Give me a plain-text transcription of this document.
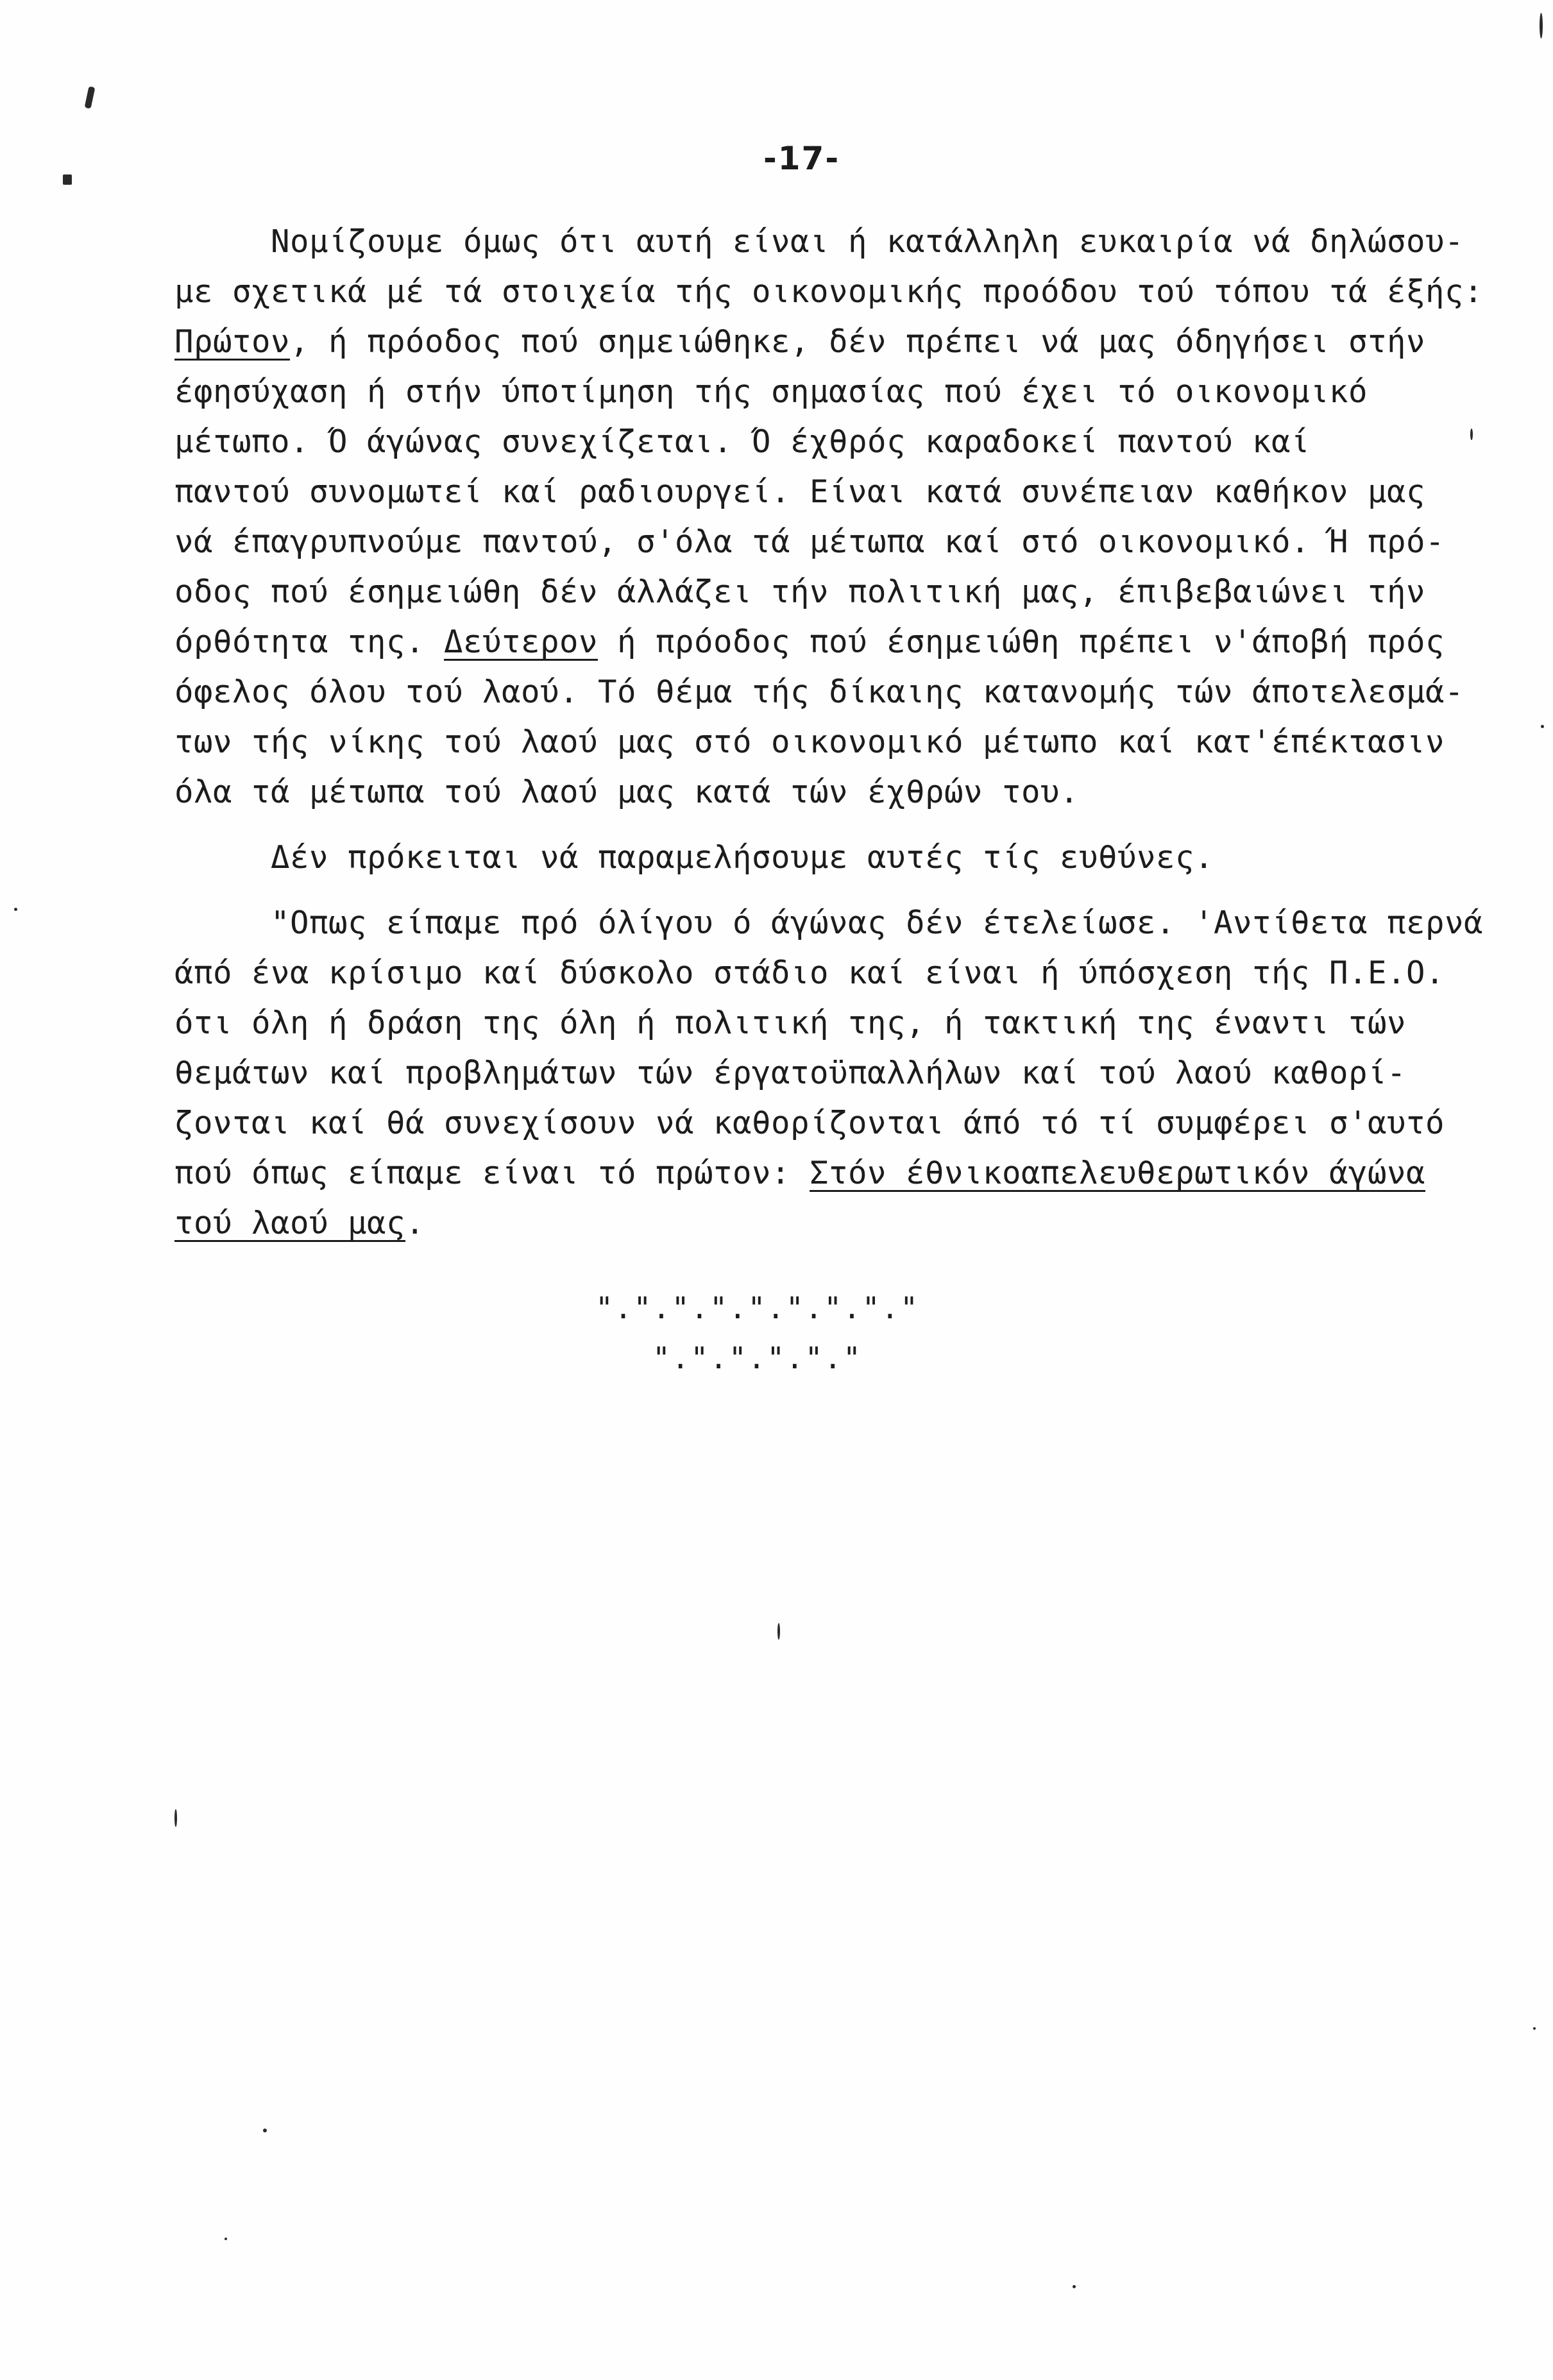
-17-
Νομίζουμε όμως ότι αυτή είναι ή κατάλληλη ευκαιρία νά δηλώσου-
με σχετικά μέ τά στοιχεία τής οικονομικής προόδου τού τόπου τά έξής:
Πρώτον, ή πρόοδος πού σημειώθηκε, δέν πρέπει νά μας όδηγήσει στήν
έφησύχαση ή στήν ύποτίμηση τής σημασίας πού έχει τό οικονομικό
μέτωπο. Ό άγώνας συνεχίζεται. Ό έχθρός καραδοκεί παντού καί
παντού συνομωτεί καί ραδιουργεί. Είναι κατά συνέπειαν καθήκον μας
νά έπαγρυπνούμε παντού, σ'όλα τά μέτωπα καί στό οικονομικό. Ή πρό-
οδος πού έσημειώθη δέν άλλάζει τήν πολιτική μας, έπιβεβαιώνει τήν
όρθότητα της. Δεύτερον ή πρόοδος πού έσημειώθη πρέπει ν'άποβή πρός
όφελος όλου τού λαού. Τό θέμα τής δίκαιης κατανομής τών άποτελεσμά-
των τής νίκης τού λαού μας στό οικονομικό μέτωπο καί κατ'έπέκτασιν
όλα τά μέτωπα τού λαού μας κατά τών έχθρών του.
Δέν πρόκειται νά παραμελήσουμε αυτές τίς ευθύνες.
"Οπως είπαμε πρό όλίγου ό άγώνας δέν έτελείωσε. 'Αντίθετα περνά
άπό ένα κρίσιμο καί δύσκολο στάδιο καί είναι ή ύπόσχεση τής Π.Ε.Ο.
ότι όλη ή δράση της όλη ή πολιτική της, ή τακτική της έναντι τών
θεμάτων καί προβλημάτων τών έργατοϋπαλλήλων καί τού λαού καθορί-
ζονται καί θά συνεχίσουν νά καθορίζονται άπό τό τί συμφέρει σ'αυτό
πού όπως είπαμε είναι τό πρώτον: Στόν έθνικοαπελευθερωτικόν άγώνα
τού λαού μας.
"."."."."."."."."
"."."."."."
